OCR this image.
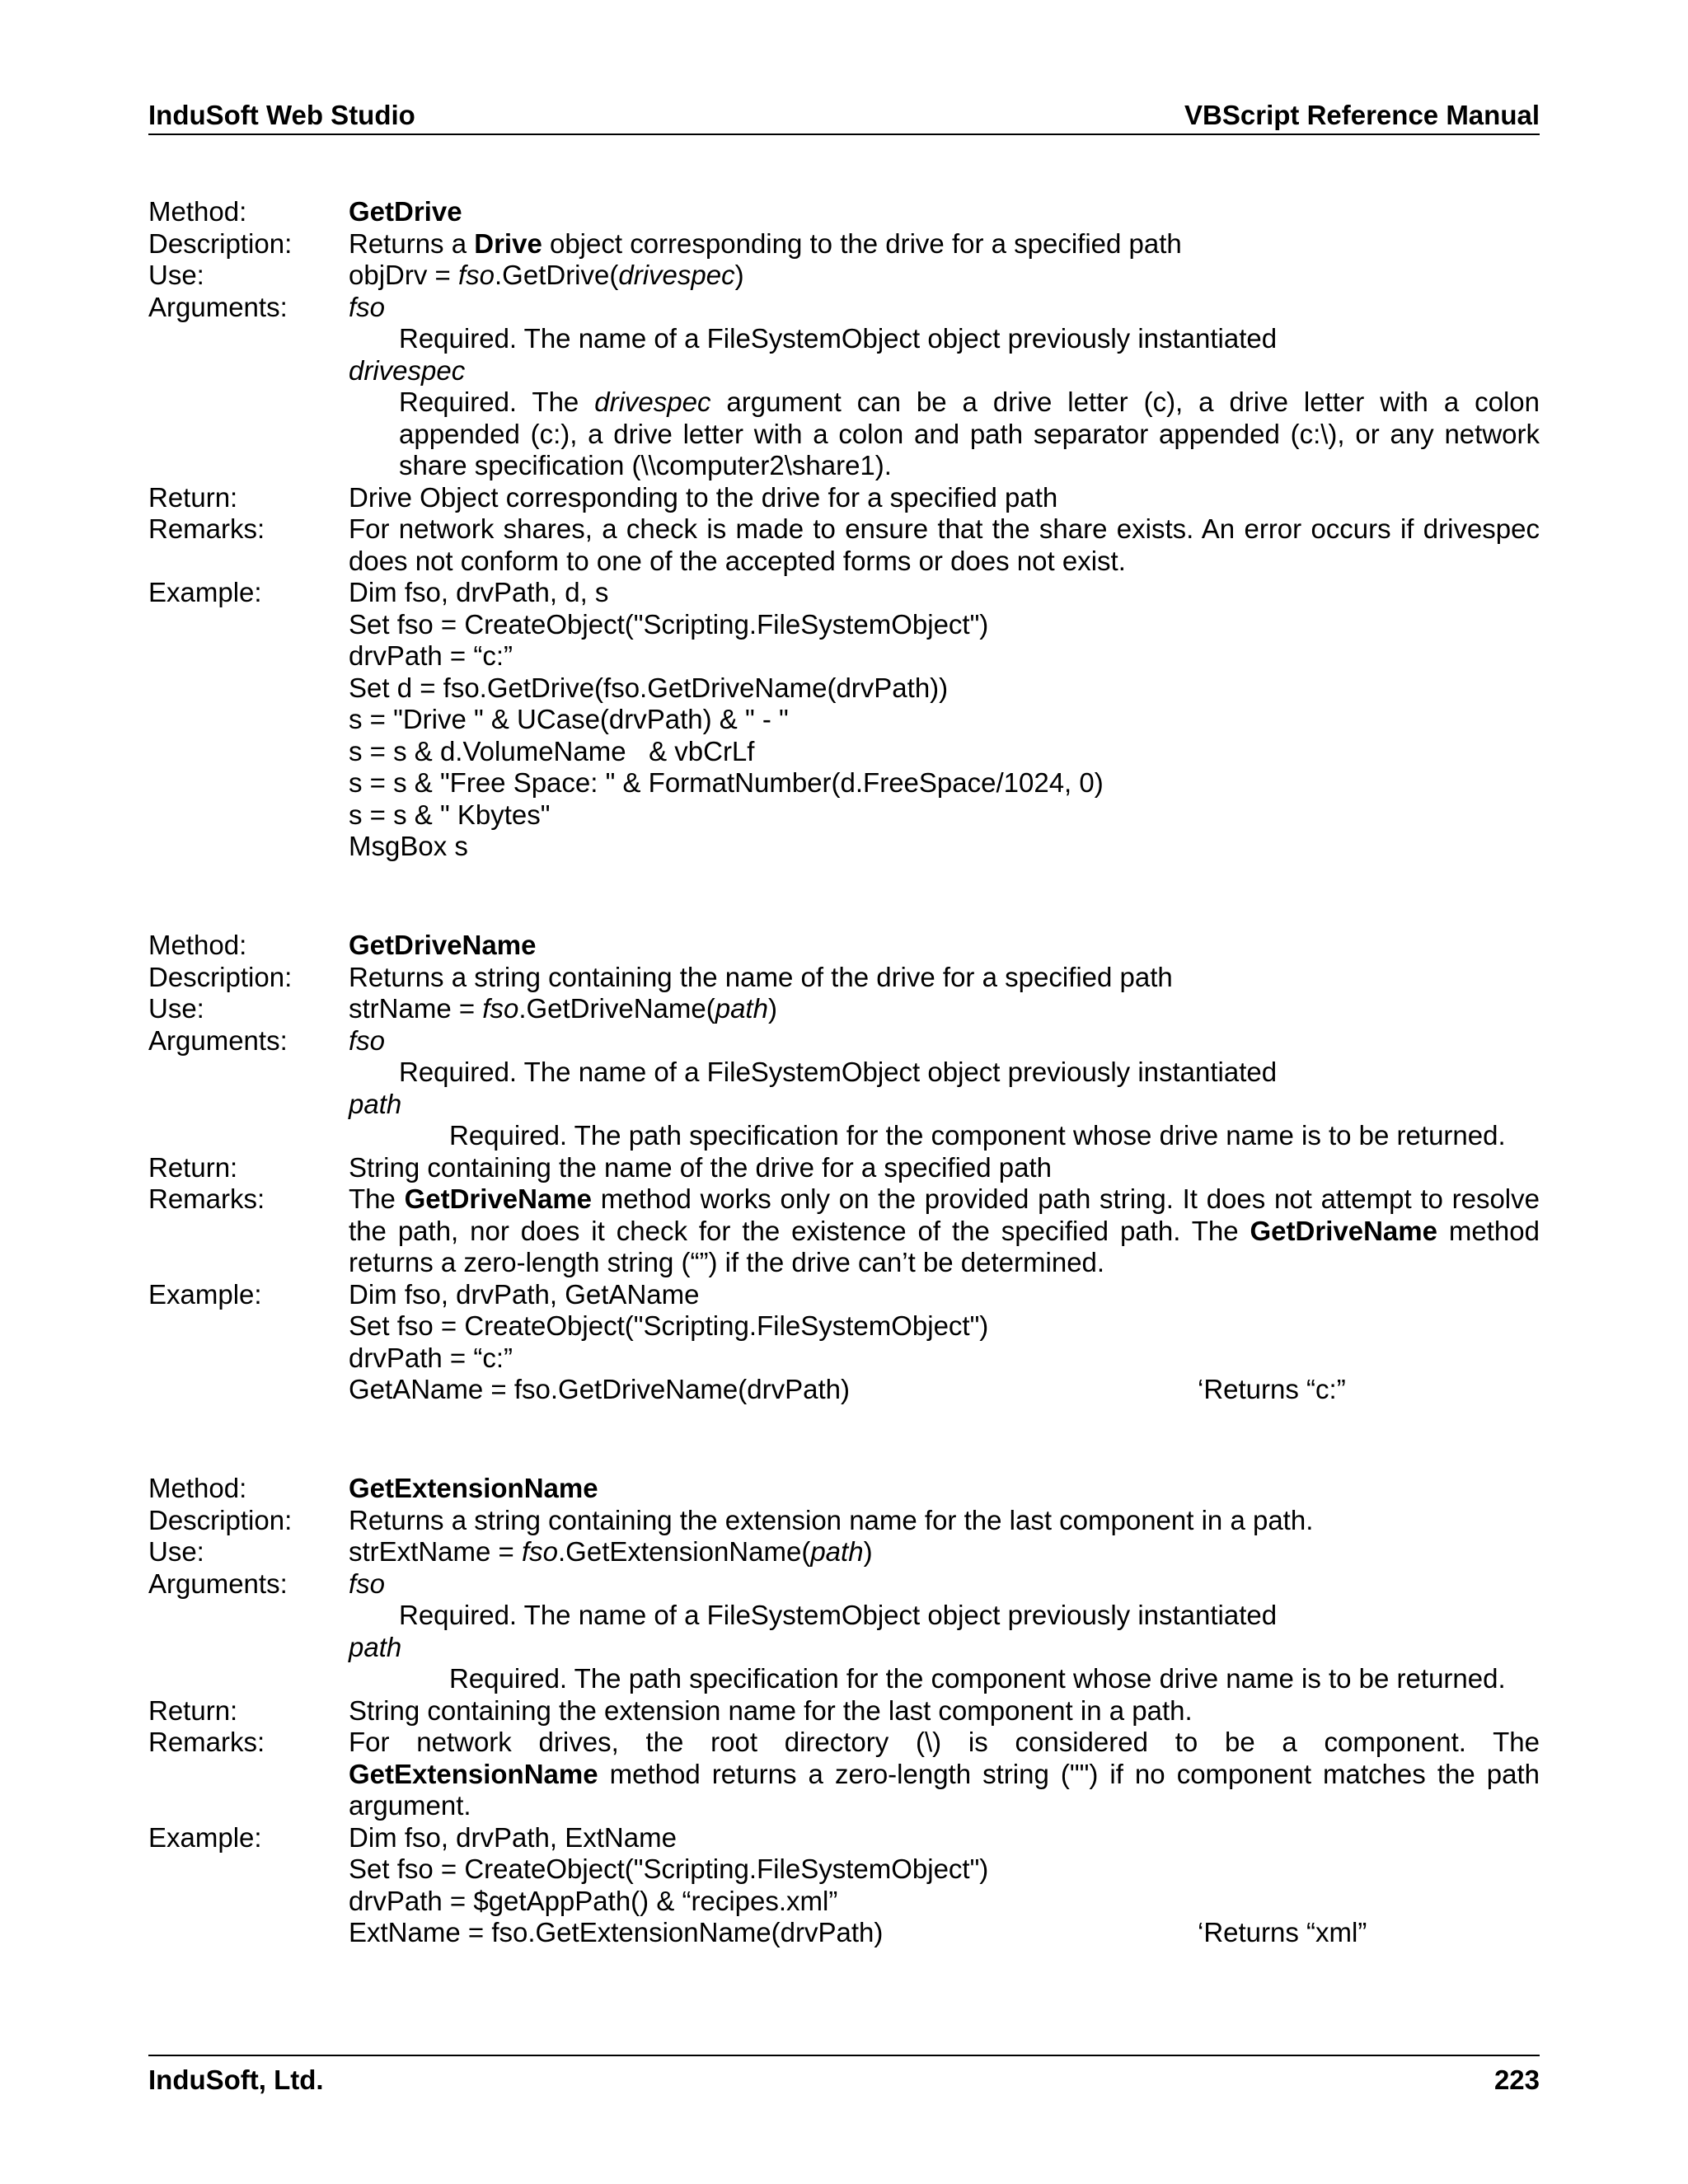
InduSoft Web Studio	VBScript Reference Manual
Method:	GetDrive
Description:	Returns a Drive object corresponding to the drive for a specified path
Use:	objDrv = fso.GetDrive(drivespec)
Arguments:	fso
Required. The name of a FileSystemObject object previously instantiated
drivespec
Required. The drivespec argument can be a drive letter (c), a drive letter with a colon appended (c:), a drive letter with a colon and path separator appended (c:\), or any network share specification (\\computer2\share1).
Return:	Drive Object corresponding to the drive for a specified path
Remarks:	For network shares, a check is made to ensure that the share exists. An error occurs if drivespec does not conform to one of the accepted forms or does not exist.
Example:	Dim fso, drvPath, d, s
Set fso = CreateObject("Scripting.FileSystemObject")
drvPath = “c:”
Set d = fso.GetDrive(fso.GetDriveName(drvPath))
s = "Drive " & UCase(drvPath) & " - "
s = s & d.VolumeName   & vbCrLf
s = s & "Free Space: " & FormatNumber(d.FreeSpace/1024, 0)
s = s & " Kbytes"
MsgBox s
Method:	GetDriveName
Description:	Returns a string containing the name of the drive for a specified path
Use:	strName = fso.GetDriveName(path)
Arguments:	fso
Required. The name of a FileSystemObject object previously instantiated
path
Required. The path specification for the component whose drive name is to be returned.
Return:	String containing the name of the drive for a specified path
Remarks:	The GetDriveName method works only on the provided path string. It does not attempt to resolve the path, nor does it check for the existence of the specified path. The GetDriveName method returns a zero-length string (“”) if the drive can’t be determined.
Example:	Dim fso, drvPath, GetAName
Set fso = CreateObject("Scripting.FileSystemObject")
drvPath = “c:”
GetAName = fso.GetDriveName(drvPath)	‘Returns “c:”
Method:	GetExtensionName
Description:	Returns a string containing the extension name for the last component in a path.
Use:	strExtName = fso.GetExtensionName(path)
Arguments:	fso
Required. The name of a FileSystemObject object previously instantiated
path
Required. The path specification for the component whose drive name is to be returned.
Return:	String containing the extension name for the last component in a path.
Remarks:	For network drives, the root directory (\) is considered to be a component. The GetExtensionName method returns a zero-length string ("") if no component matches the path argument.
Example:	Dim fso, drvPath, ExtName
Set fso = CreateObject("Scripting.FileSystemObject")
drvPath = $getAppPath() & “recipes.xml”
ExtName = fso.GetExtensionName(drvPath)	‘Returns “xml”
InduSoft, Ltd.	223
